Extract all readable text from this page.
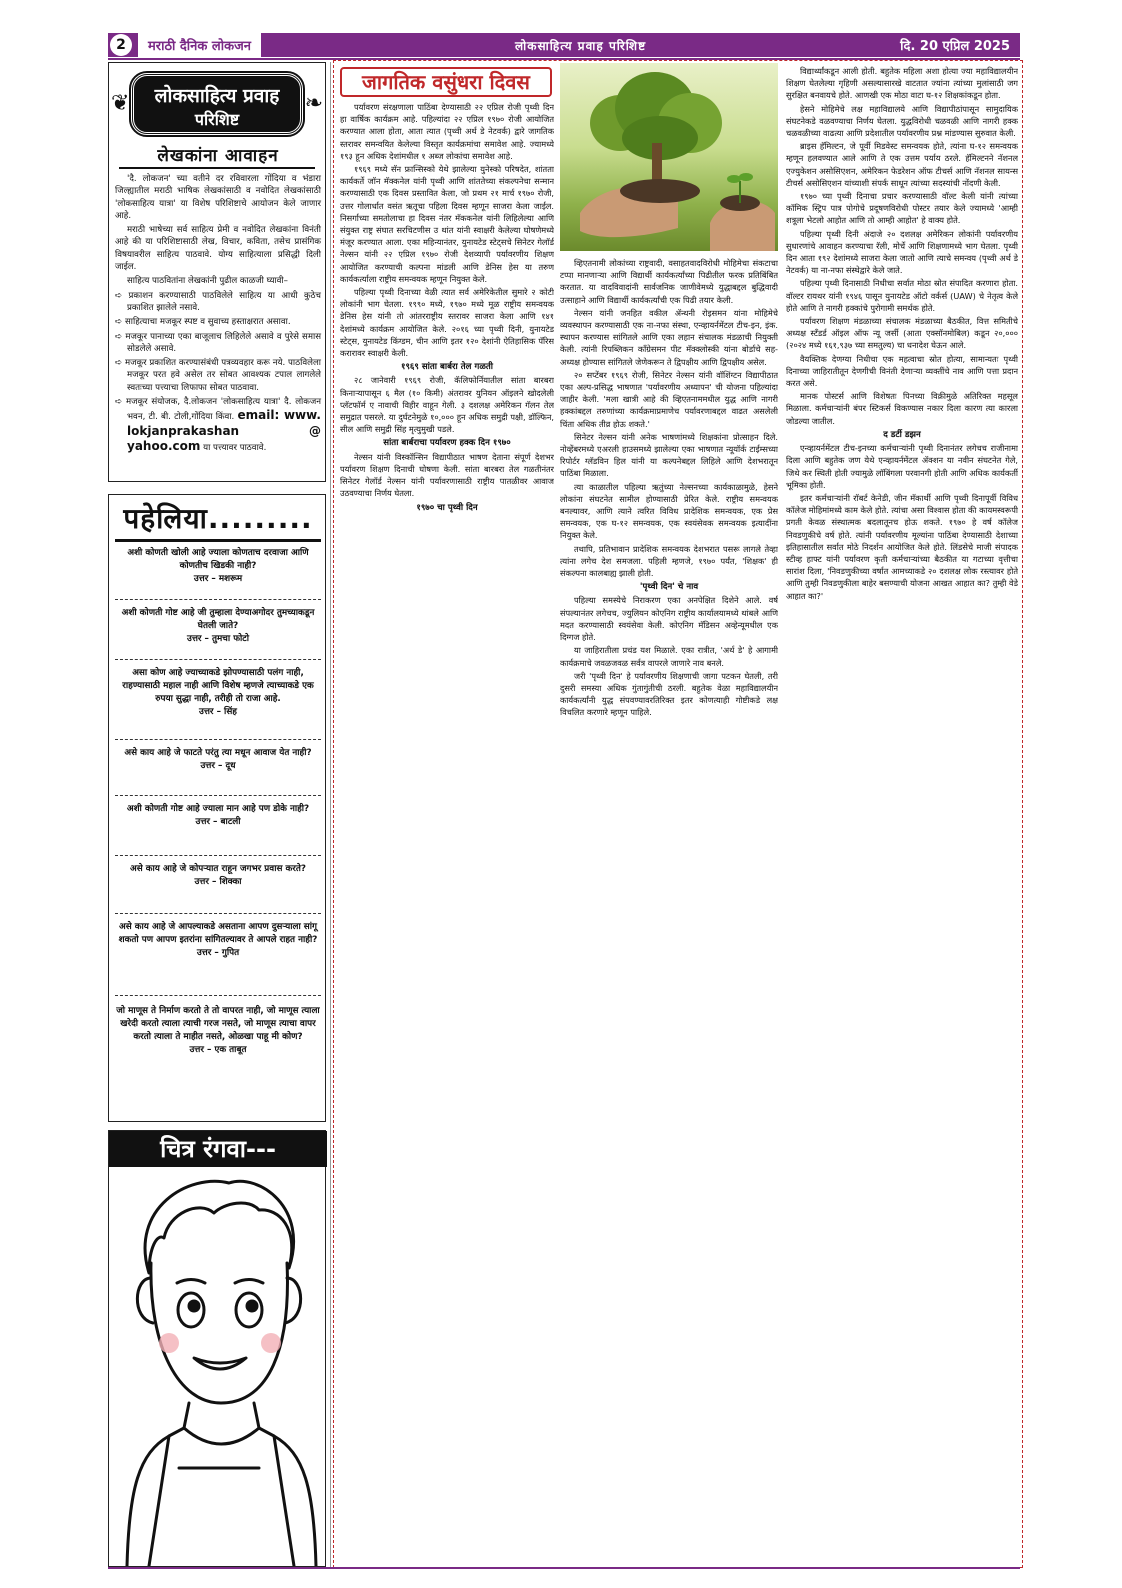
2	मराठी दैनिक लोकजन	लोकसाहित्य प्रवाह परिशिष्ट	दि. 20 एप्रिल 2025
❦	लोकसाहित्य प्रवाह
परिशिष्ट
❧
लेखकांना आवाहन

'दै. लोकजन' च्या वतीने दर रविवारला गोंदिया व भंडारा जिल्ह्यातील मराठी भाषिक लेखकांसाठी व नवोदित लेखकांसाठी 'लोकसाहित्य यात्रा' या विशेष परिशिष्टाचे आयोजन केले जाणार आहे.

मराठी भाषेच्या सर्व साहित्य प्रेमी व नवोदित लेखकांना विनंती आहे की या परिशिष्टासाठी लेख, विचार, कविता, तसेच प्रासंगिक विषयावरील साहित्य पाठवावे. योग्य साहित्याला प्रसिद्धी दिली जाईल.

साहित्य पाठवितांना लेखकांनी पुढील काळजी घ्यावी–

➪ प्रकाशन करण्यासाठी पाठविलेले साहित्य या आधी कुठेच प्रकाशित झालेले नसावे.

➪ साहित्याचा मजकूर स्पष्ट व सुवाच्य हस्ताक्षरात असावा.

➪ मजकूर पानाच्या एका बाजूलाच लिहिलेले असावे व पुरेसे समास सोडलेले असावे.

➪ मजकूर प्रकाशित करण्यासंबंधी पत्रव्यवहार करू नये. पाठविलेला मजकूर परत हवे असेल तर सोबत आवश्यक टपाल लागलेले स्वतःच्या पत्त्याचा लिफाफा सोबत पाठवावा.

➪ मजकूर संयोजक, दै.लोकजन 'लोकसाहित्य यात्रा' दै. लोकजन भवन, टी. बी. टोली,गोंदिया किंवा. email: www. lokjanprakashan @ yahoo.com या पत्त्यावर पाठवावे.

पहेलिया.........
अशी कोणती खोली आहे ज्याला कोणताच दरवाजा आणि कोणतीच खिडकी नाही?
उत्तर – मशरूम
अशी कोणती गोष्ट आहे जी तुम्हाला देण्याअगोदर तुमच्याकडून घेतली जाते?
उत्तर – तुमचा फोटो
असा कोण आहे ज्याच्याकडे झोपण्यासाठी पलंग नाही, राहण्यासाठी महाल नाही आणि विशेष म्हणजे त्याच्याकडे एक रुपया सुद्धा नाही, तरीही तो राजा आहे.
उत्तर – सिंह
असे काय आहे जे फाटते परंतु त्या मधून आवाज येत नाही?
उत्तर – दूध
अशी कोणती गोष्ट आहे ज्याला मान आहे पण डोके नाही?
उत्तर – बाटली
असे काय आहे जे कोपऱ्यात राहून जगभर प्रवास करते?
उत्तर – शिक्का
असे काय आहे जे आपल्याकडे असताना आपण दुसऱ्याला सांगू शकतो पण आपण इतरांना सांगितल्यावर ते आपले राहत नाही?
उत्तर – गुपित
जो माणूस ते निर्माण करतो ते तो वापरत नाही, जो माणूस त्याला खरेदी करतो त्याला त्याची गरज नसते, जो माणूस त्याचा वापर करतो त्याला ते माहीत नसते, ओळखा पाहू मी कोण?
उत्तर – एक ताबूत
चित्र रंगवा---
जागतिक वसुंधरा दिवस

पर्यावरण संरक्षणाला पाठिंबा देण्यासाठी २२ एप्रिल रोजी पृथ्वी दिन हा वार्षिक कार्यक्रम आहे. पहिल्यांदा २२ एप्रिल १९७० रोजी आयोजित करण्यात आला होता, आता त्यात (पृथ्वी अर्थ डे नेटवर्क) द्वारे जागतिक स्तरावर समन्वयित केलेल्या विस्तृत कार्यक्रमांचा समावेश आहे. ज्यामध्ये १९३ हून अधिक देशांमधील १ अब्ज लोकांचा समावेश आहे.

१९६९ मध्ये सॅन फ्रान्सिस्को येथे झालेल्या युनेस्को परिषदेत, शांतता कार्यकर्ते जॉन मॅक्कनेल यांनी पृथ्वी आणि शांततेच्या संकल्पनेचा सन्मान करण्यासाठी एक दिवस प्रस्तावित केला, जो प्रथम २१ मार्च १९७० रोजी, उत्तर गोलार्धात वसंत ऋतूचा पहिला दिवस म्हणून साजरा केला जाईल. निसर्गाच्या समतोलाचा हा दिवस नंतर मॅककनेल यांनी लिहिलेल्या आणि संयुक्त राष्ट्र संघात सरचिटणीस उ थांत यांनी स्वाक्षरी केलेल्या घोषणेमध्ये मंजूर करण्यात आला. एका महिन्यानंतर, युनायटेड स्टेट्सचे सिनेटर गेलॉर्ड नेल्सन यांनी २२ एप्रिल १९७० रोजी देशव्यापी पर्यावरणीय शिक्षण आयोजित करण्याची कल्पना मांडली आणि डेनिस हेस या तरुण कार्यकर्त्याला राष्ट्रीय समन्वयक म्हणून नियुक्त केले.

पहिल्या पृथ्वी दिनाच्या वेळी त्यात सर्व अमेरिकेतील सुमारे २ कोटी लोकांनी भाग घेतला. १९९० मध्ये, १९७० मध्ये मूळ राष्ट्रीय समन्वयक डेनिस हेस यांनी तो आंतरराष्ट्रीय स्तरावर साजरा केला आणि १४१ देशांमध्ये कार्यक्रम आयोजित केले. २०१६ च्या पृथ्वी दिनी, युनायटेड स्टेट्स, युनायटेड किंग्डम, चीन आणि इतर १२० देशांनी ऐतिहासिक पॅरिस करारावर स्वाक्षरी केली.

१९६९ सांता बार्बरा तेल गळती

२८ जानेवारी १९६९ रोजी, कॅलिफोर्नियातील सांता बारबरा किनाऱ्यापासून ६ मैल (१० किमी) अंतरावर युनियन ऑइलने खोदलेली प्लॅटफॉर्म ए नावाची विहीर वाहून गेली. ३ दशलक्ष अमेरिकन गॅलन तेल समुद्रात पसरले. या दुर्घटनेमुळे १०,००० हून अधिक समुद्री पक्षी, डॉल्फिन, सील आणि समुद्री सिंह मृत्युमुखी पडले.

सांता बार्बराचा पर्यावरण हक्क दिन १९७०

नेल्सन यांनी विस्कॉन्सिन विद्यापीठात भाषण देताना संपूर्ण देशभर पर्यावरण शिक्षण दिनाची घोषणा केली. सांता बारबरा तेल गळतीनंतर सिनेटर गेलॉर्ड नेल्सन यांनी पर्यावरणासाठी राष्ट्रीय पातळीवर आवाज उठवण्याचा निर्णय घेतला.

१९७० चा पृथ्वी दिन

व्हिएतनामी लोकांच्या राष्ट्रवादी, वसाहतवादविरोधी मोहिमेचा संकटाचा टप्पा मानणाऱ्या आणि विद्यार्थी कार्यकर्त्यांच्या पिढीतील फरक प्रतिबिंबित करतात. या वादविवादांनी सार्वजनिक जाणीवेमध्ये युद्धाबद्दल बुद्धिवादी उत्साहाने आणि विद्यार्थी कार्यकर्त्यांची एक पिढी तयार केली.

नेल्सन यांनी जनहित वकील ॲन्थनी रोइसमन यांना मोहिमेचे व्यवस्थापन करण्यासाठी एक ना-नफा संस्था, एन्व्हायर्नमेंटल टीच-इन, इंक. स्थापन करण्यास सांगितले आणि एका लहान संचालक मंडळाची नियुक्ती केली. त्यांनी रिपब्लिकन काँग्रेसमन पीट मॅक्क्लोस्की यांना बोर्डाचे सह-अध्यक्ष होण्यास सांगितले जेणेकरून ते द्विपक्षीय आणि द्विपक्षीय असेल.

२० सप्टेंबर १९६९ रोजी, सिनेटर नेल्सन यांनी वॉशिंग्टन विद्यापीठात एका अल्प-प्रसिद्ध भाषणात 'पर्यावरणीय अध्यापन' ची योजना पहिल्यांदा जाहीर केली. 'मला खात्री आहे की व्हिएतनाममधील युद्ध आणि नागरी हक्कांबद्दल तरुणांच्या कार्यक्रमाप्रमाणेच पर्यावरणाबद्दल वाढत असलेली चिंता अधिक तीव्र होऊ शकते.'

सिनेटर नेल्सन यांनी अनेक भाषणांमध्ये शिक्षकांना प्रोत्साहन दिले. नोव्हेंबरमध्ये एअरली हाउसमध्ये झालेल्या एका भाषणात न्यूयॉर्क टाईम्सच्या रिपोर्टर ग्लॅडविन हिल यांनी या कल्पनेबद्दल लिहिले आणि देशभरातून पाठिंबा मिळाला.

त्या काळातील पहिल्या ऋतुंच्या नेल्सनच्या कार्यकाळामुळे, हेसने लोकांना संघटनेत सामील होण्यासाठी प्रेरित केले. राष्ट्रीय समन्वयक बनल्यावर, आणि त्याने त्वरित विविध प्रादेशिक समन्वयक, एक प्रेस समन्वयक, एक घ-१२ समन्वयक, एक स्वयंसेवक समन्वयक इत्यादींना नियुक्त केले.

तथापि, प्रतिभावान प्रादेशिक समन्वयक देशभरात पसरू लागले तेव्हा त्यांना लगेच देश समजला. पहिली म्हणजे, १९७० पर्यंत, 'शिक्षक' ही संकल्पना कालबाह्य झाली होती.

'पृथ्वी दिन' चे नाव

पहिल्या समस्येचे निराकरण एका अनपेक्षित दिशेने आले. वर्ष संपल्यानंतर लगेचच, ज्युलियन कोएनिग राष्ट्रीय कार्यालयामध्ये थांबले आणि मदत करण्यासाठी स्वयंसेवा केली. कोएनिग मॅडिसन अव्हेन्यूमधील एक दिग्गज होते.

या जाहिरातीला प्रचंड यश मिळाले. एका रात्रीत, 'अर्थ डे' हे आगामी कार्यक्रमाचे जवळजवळ सर्वत्र वापरले जाणारे नाव बनले.

जरी 'पृथ्वी दिन' हे पर्यावरणीय शिक्षणाची जागा पटकन घेतली, तरी दुसरी समस्या अधिक गुंतागुंतीची ठरली. बहुतेक वेळा महाविद्यालयीन कार्यकर्त्यांनी युद्ध संपवण्यावरतिरिक्त इतर कोणत्याही गोष्टीकडे लक्ष विचलित करणारे म्हणून पाहिले.

विद्यार्थ्यांकडून आली होती. बहुतेक महिला अशा होत्या ज्या महाविद्यालयीन शिक्षण घेतलेल्या गृहिणी असल्यासारखे वाटतात ज्यांना त्यांच्या मुलांसाठी जग सुरक्षित बनवायचे होते. आणखी एक मोठा वाटा घ-१२ शिक्षकांकडून होता.

हेसने मोहिमेचे लक्ष महाविद्यालये आणि विद्यापीठांपासून सामुदायिक संघटनेकडे वळवण्याचा निर्णय घेतला. युद्धविरोधी चळवळी आणि नागरी हक्क चळवळीच्या वाढत्या आणि प्रदेशातील पर्यावरणीय प्रश्न मांडण्यास सुरुवात केली.

ब्राइस हॅमिल्टन, जे पूर्वी मिडवेस्ट समन्वयक होते, त्यांना घ-१२ समन्वयक म्हणून हलवण्यात आले आणि ते एक उत्तम पर्याय ठरले. हॅमिल्टनने नॅशनल एज्युकेशन असोसिएशन, अमेरिकन फेडरेशन ऑफ टीचर्स आणि नॅशनल सायन्स टीचर्स असोसिएशन यांच्याशी संपर्क साधून त्यांच्या सदस्यांची नोंदणी केली.

१९७० च्या पृथ्वी दिनाचा प्रचार करण्यासाठी वॉल्ट केली यांनी त्यांच्या कॉमिक स्ट्रिप पात्र पोगोचे प्रदूषणविरोधी पोस्टर तयार केले ज्यामध्ये 'आम्ही शत्रूला भेटलो आहोत आणि तो आम्ही आहोत' हे वाक्य होते.

पहिल्या पृथ्वी दिनी अंदाजे २० दशलक्ष अमेरिकन लोकांनी पर्यावरणीय सुधारणांचे आवाहन करण्याचा रॅली, मोर्चे आणि शिक्षणामध्ये भाग घेतला. पृथ्वी दिन आता १९२ देशांमध्ये साजरा केला जातो आणि त्याचे समन्वय (पृथ्वी अर्थ डे नेटवर्क) या ना-नफा संस्थेद्वारे केले जाते.

पहिल्या पृथ्वी दिनासाठी निधीचा सर्वात मोठा स्रोत संपादित करणारा होता. वॉल्टर रायथर यांनी १९४६ पासून युनायटेड ऑटो वर्कर्स (UAW) चे नेतृत्व केले होते आणि ते नागरी हक्कांचे पुरोगामी समर्थक होते.

पर्यावरण शिक्षण मंडळाच्या संचालक मंडळाच्या बैठकीत, वित्त समितीचे अध्यक्ष स्टँडर्ड ऑइल ऑफ न्यू जर्सी (आता एक्सॉनमोबिल) कडून २०,००० (२०२४ मध्ये १६१,९३७ च्या समतुल्य) चा धनादेश घेऊन आले.

वैयक्तिक देणग्या निधीचा एक महत्वाचा स्रोत होत्या, सामान्यतः पृथ्वी दिनाच्या जाहिरातीतून देणगीची विनंती देणाऱ्या व्यक्तींचे नाव आणि पत्ता प्रदान करत असे.

मानक पोस्टर्स आणि विशेषतः पिनच्या विक्रीमुळे अतिरिक्त महसूल मिळाला. कर्मचाऱ्यांनी बंपर स्टिकर्स विकण्यास नकार दिला कारण त्या कारला जोडल्या जातील.

द डर्टी डझन

एन्व्हायर्नमेंटल टीच-इनच्या कर्मचाऱ्यांनी पृथ्वी दिनानंतर लगेचच राजीनामा दिला आणि बहुतेक जण येथे एन्व्हायर्नमेंटल ॲक्शन या नवीन संघटनेत गेले, जिथे कर स्थिती होती ज्यामुळे लॉबिंगला परवानगी होती आणि अधिक कार्यकर्ती भूमिका होती.

इतर कर्मचाऱ्यांनी रॉबर्ट केनेडी, जीन मॅकार्थी आणि पृथ्वी दिनापूर्वी विविध कॉलेज मोहिमांमध्ये काम केले होते. त्यांचा असा विश्वास होता की कायमस्वरूपी प्रगती केवळ संस्थात्मक बदलातूनच होऊ शकते. १९७० हे वर्ष कॉलेज निवडणुकीचे वर्ष होते. त्यांनी पर्यावरणीय मूल्यांना पाठिंबा देण्यासाठी देशाच्या इतिहासातील सर्वात मोठे निदर्शन आयोजित केले होते. लिंडसेचे माजी संपादक स्टीव्ह हाफ्ट यांनी पर्यावरण कृती कर्मचाऱ्यांच्या बैठकीत या गटाच्या वृत्तीचा सारांश दिला, 'निवडणुकीच्या वर्षात आमच्याकडे २० दशलक्ष लोक रस्त्यावर होते आणि तुम्ही निवडणुकीला बाहेर बसण्याची योजना आखत आहात का? तुम्ही वेडे आहात का?'
